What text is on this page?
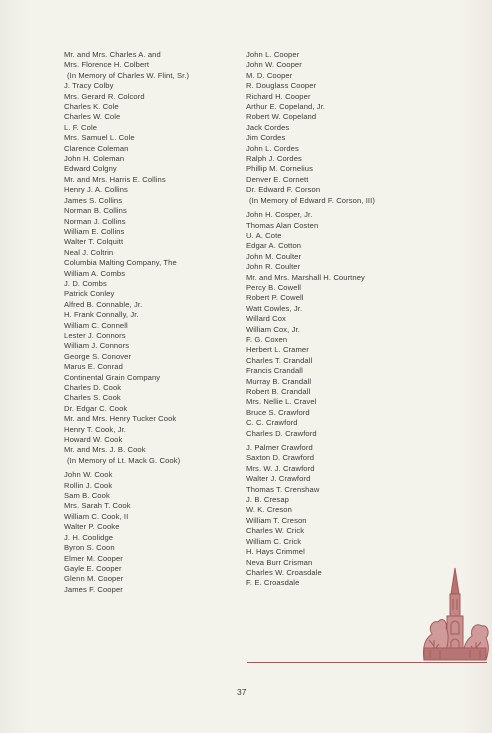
Mr. and Mrs. Charles A. and
Mrs. Florence H. Colbert
(In Memory of Charles W. Flint, Sr.)
J. Tracy Colby
Mrs. Gerard R. Colcord
Charles K. Cole
Charles W. Cole
L. F. Cole
Mrs. Samuel L. Cole
Clarence Coleman
John H. Coleman
Edward Colgny
Mr. and Mrs. Harris E. Collins
Henry J. A. Collins
James S. Collins
Norman B. Collins
Norman J. Collins
William E. Collins
Walter T. Colquitt
Neal J. Coltrin
Columbia Malting Company, The
William A. Combs
J. D. Combs
Patrick Conley
Alfred B. Connable, Jr.
H. Frank Connally, Jr.
William C. Connell
Lester J. Connors
William J. Connors
George S. Conover
Marus E. Conrad
Continental Grain Company
Charles D. Cook
Charles S. Cook
Dr. Edgar C. Cook
Mr. and Mrs. Henry Tucker Cook
Henry T. Cook, Jr.
Howard W. Cook
Mr. and Mrs. J. B. Cook
(In Memory of Lt. Mack G. Cook)
John W. Cook
Rollin J. Cook
Sam B. Cook
Mrs. Sarah T. Cook
William C. Cook, II
Walter P. Cooke
J. H. Coolidge
Byron S. Coon
Elmer M. Cooper
Gayle E. Cooper
Glenn M. Cooper
James F. Cooper
John L. Cooper
John W. Cooper
M. D. Cooper
R. Douglass Cooper
Richard H. Cooper
Arthur E. Copeland, Jr.
Robert W. Copeland
Jack Cordes
Jim Cordes
John L. Cordes
Ralph J. Cordes
Phillip M. Cornelius
Denver E. Cornett
Dr. Edward F. Corson
(In Memory of Edward F. Corson, III)
John H. Cosper, Jr.
Thomas Alan Costen
U. A. Cote
Edgar A. Cotton
John M. Coulter
John R. Coulter
Mr. and Mrs. Marshall H. Courtney
Percy B. Cowell
Robert P. Cowell
Watt Cowles, Jr.
Willard Cox
William Cox, Jr.
F. G. Coxen
Herbert L. Cramer
Charles T. Crandall
Francis Crandall
Murray B. Crandall
Robert B. Crandall
Mrs. Nellie L. Cravel
Bruce S. Crawford
C. C. Crawford
Charles D. Crawford
J. Palmer Crawford
Saxton D. Crawford
Mrs. W. J. Crawford
Walter J. Crawford
Thomas T. Crenshaw
J. B. Cresap
W. K. Creson
William T. Creson
Charles W. Crick
William C. Crick
H. Hays Crimmel
Neva Burr Crisman
Charles W. Croasdale
F. E. Croasdale
37
